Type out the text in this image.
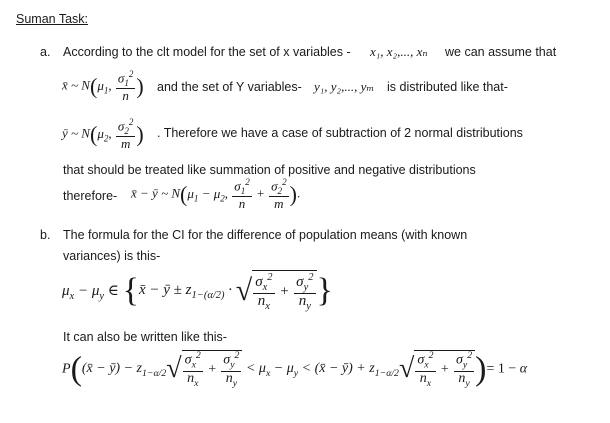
Suman Task:
a. According to the clt model for the set of x variables - x₁, x₂,..., xₙ we can assume that
x̄ ~ $N(\mu_1$, $\frac{\sigma_1^2}{n}$ ) and the set of Y variables- y₁, y₂,..., yₘ is distributed like that-
ȳ ~ $N(\mu_2$, $\frac{\sigma_2^2}{m}$ ) . Therefore we have a case of subtraction of 2 normal distributions
that should be treated like summation of positive and negative distributions
therefore- x̄ − ȳ ~ $N(\mu_1 - \mu_2$, $\frac{\sigma_1^2}{n} + \frac{\sigma_2^2}{m}$ ).
b. The formula for the CI for the difference of population means (with known
variances) is this-
$\mu_x - \mu_y$ ∈ {x̄ − ȳ ± $z_{1-(\alpha/2)}$ · √ $\frac{\sigma_x^2}{n_x} + \frac{\sigma_y^2}{n_y}$ }
It can also be written like this-
P((x̄ − ȳ) − $z_{1-\alpha/2}√ \frac{\sigma_x^2}{n_x} + \frac{\sigma_y^2}{n_y} < \mu_x - \mu_y$ < (x̄ − ȳ) + $z_{1-\alpha/2}√ \frac{\sigma_x^2}{n_x} + \frac{\sigma_y^2}{n_y}$ )= 1 − α
